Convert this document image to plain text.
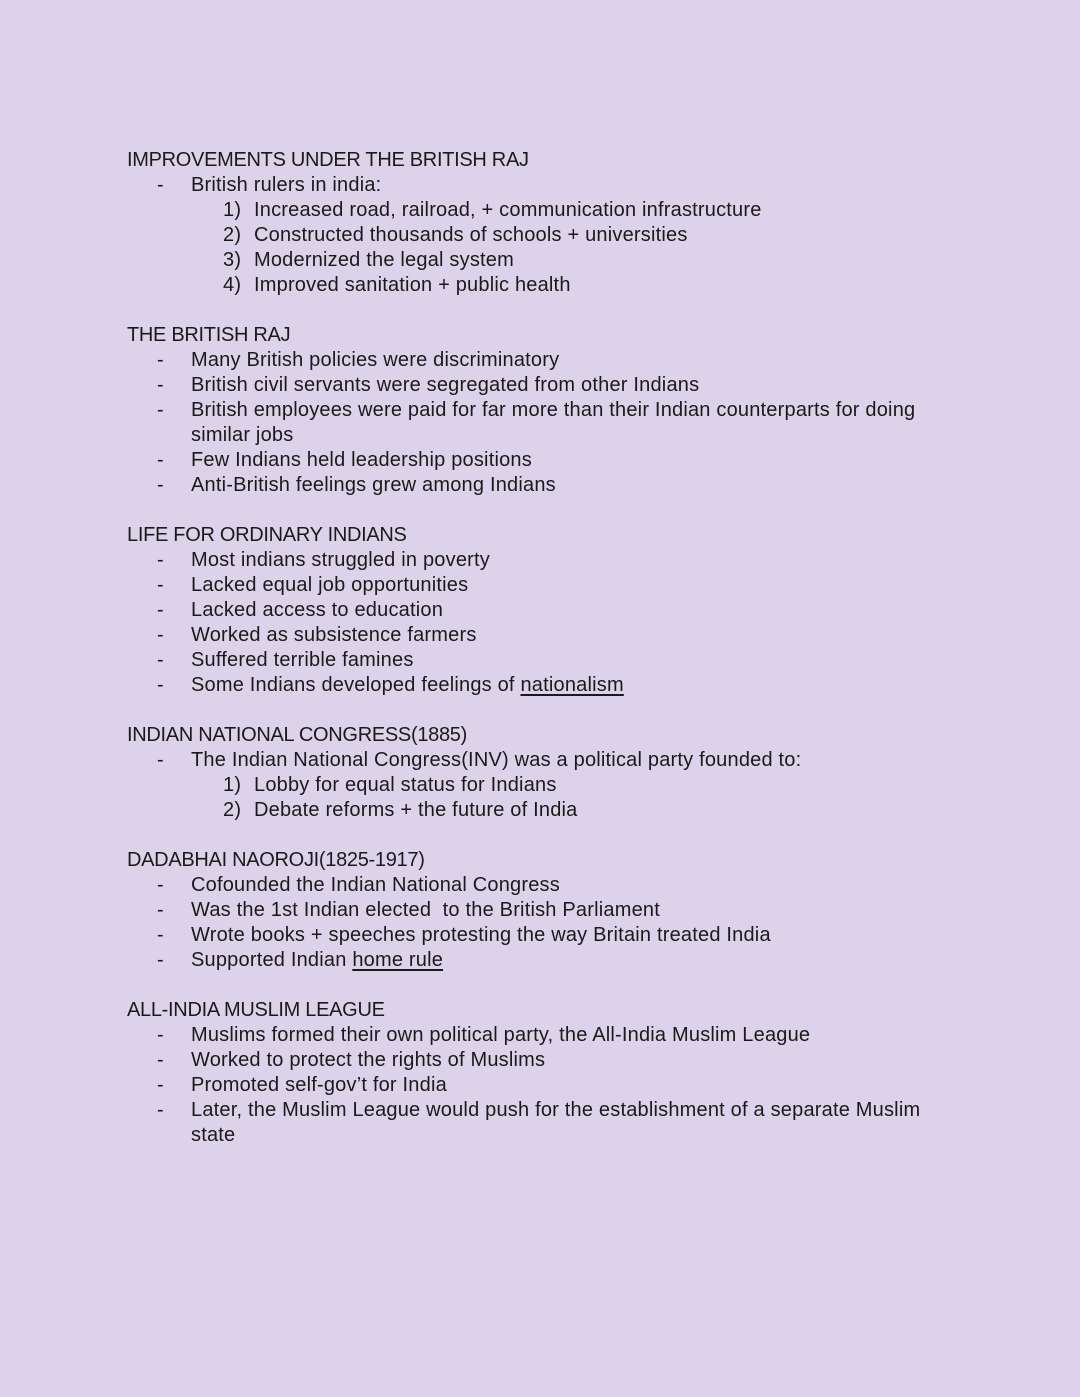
IMPROVEMENTS UNDER THE BRITISH RAJ
- British rulers in india:
1) Increased road, railroad, + communication infrastructure
2) Constructed thousands of schools + universities
3) Modernized the legal system
4) Improved sanitation + public health
THE BRITISH RAJ
- Many British policies were discriminatory
- British civil servants were segregated from other Indians
- British employees were paid for far more than their Indian counterparts for doing similar jobs
- Few Indians held leadership positions
- Anti-British feelings grew among Indians
LIFE FOR ORDINARY INDIANS
- Most indians struggled in poverty
- Lacked equal job opportunities
- Lacked access to education
- Worked as subsistence farmers
- Suffered terrible famines
- Some Indians developed feelings of nationalism
INDIAN NATIONAL CONGRESS(1885)
- The Indian National Congress(INV) was a political party founded to:
1) Lobby for equal status for Indians
2) Debate reforms + the future of India
DADABHAI NAOROJI(1825-1917)
- Cofounded the Indian National Congress
- Was the 1st Indian elected  to the British Parliament
- Wrote books + speeches protesting the way Britain treated India
- Supported Indian home rule
ALL-INDIA MUSLIM LEAGUE
- Muslims formed their own political party, the All-India Muslim League
- Worked to protect the rights of Muslims
- Promoted self-gov’t for India
- Later, the Muslim League would push for the establishment of a separate Muslim state
